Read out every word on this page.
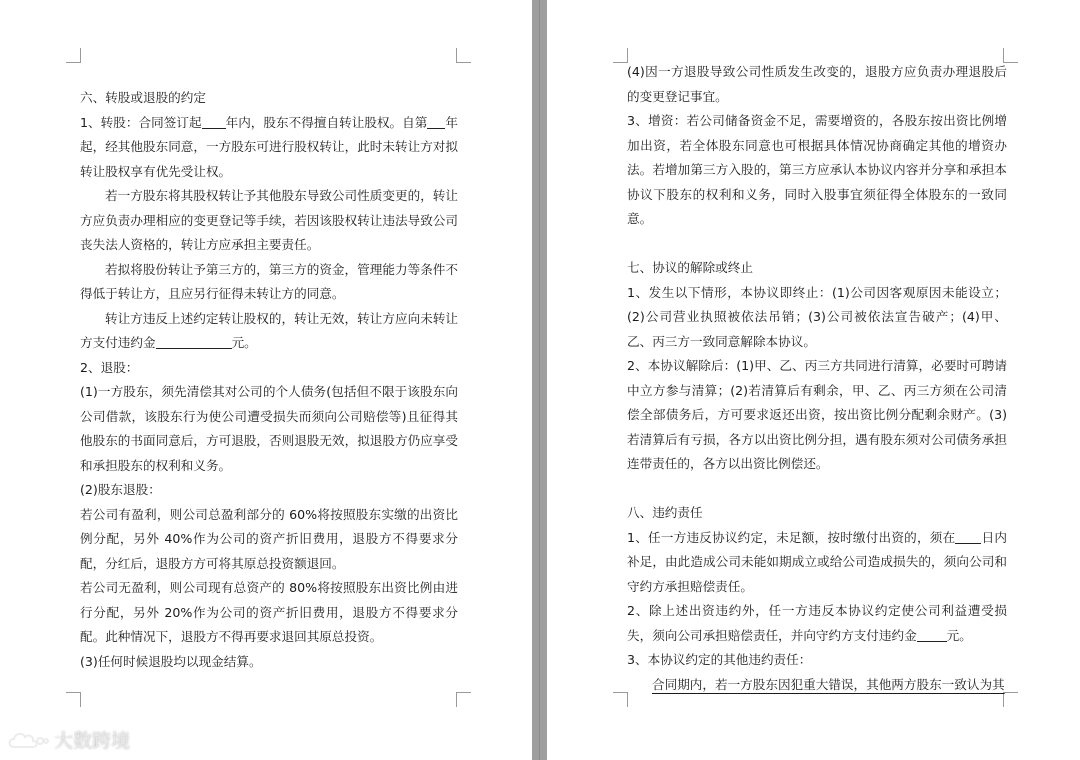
六、转股或退股的约定

1、转股：合同签订起 年内，股东不得擅自转让股权。自第 年起，经其他股东同意，一方股东可进行股权转让，此时未转让方对拟转让股权享有优先受让权。

若一方股东将其股权转让予其他股东导致公司性质变更的，转让方应负责办理相应的变更登记等手续，若因该股权转让违法导致公司丧失法人资格的，转让方应承担主要责任。

若拟将股份转让予第三方的，第三方的资金，管理能力等条件不得低于转让方，且应另行征得未转让方的同意。

转让方违反上述约定转让股权的，转让无效，转让方应向未转让方支付违约金	元。

2、退股：

(1)一方股东，须先清偿其对公司的个人债务(包括但不限于该股东向公司借款，该股东行为使公司遭受损失而须向公司赔偿等)且征得其他股东的书面同意后，方可退股，否则退股无效，拟退股方仍应享受和承担股东的权利和义务。

(2)股东退股：

若公司有盈利，则公司总盈利部分的 60%将按照股东实缴的出资比例分配，另外 40%作为公司的资产折旧费用，退股方不得要求分配，分红后，退股方方可将其原总投资额退回。

若公司无盈利，则公司现有总资产的 80%将按照股东出资比例由进行分配，另外 20%作为公司的资产折旧费用，退股方不得要求分配。此种情况下，退股方不得再要求退回其原总投资。

(3)任何时候退股均以现金结算。

(4)因一方退股导致公司性质发生改变的，退股方应负责办理退股后的变更登记事宜。

3、增资：若公司储备资金不足，需要增资的，各股东按出资比例增加出资，若全体股东同意也可根据具体情况协商确定其他的增资办法。若增加第三方入股的，第三方应承认本协议内容并分享和承担本协议下股东的权利和义务，同时入股事宜须征得全体股东的一致同意。

七、协议的解除或终止

1、发生以下情形，本协议即终止：(1)公司因客观原因未能设立；(2)公司营业执照被依法吊销；(3)公司被依法宣告破产；(4)甲、乙、丙三方一致同意解除本协议。

2、本协议解除后：(1)甲、乙、丙三方共同进行清算，必要时可聘请中立方参与清算；(2)若清算后有剩余，甲、乙、丙三方须在公司清偿全部债务后，方可要求返还出资，按出资比例分配剩余财产。(3)若清算后有亏损，各方以出资比例分担，遇有股东须对公司债务承担连带责任的，各方以出资比例偿还。

八、违约责任

1、任一方违反协议约定，未足额，按时缴付出资的，须在 日内补足，由此造成公司未能如期成立或给公司造成损失的，须向公司和守约方承担赔偿责任。

2、除上述出资违约外，任一方违反本协议约定使公司利益遭受损失，须向公司承担赔偿责任，并向守约方支付违约金 元。

3、本协议约定的其他违约责任：

合同期内，若一方股东因犯重大错误，其他两方股东一致认为其

大数跨境
